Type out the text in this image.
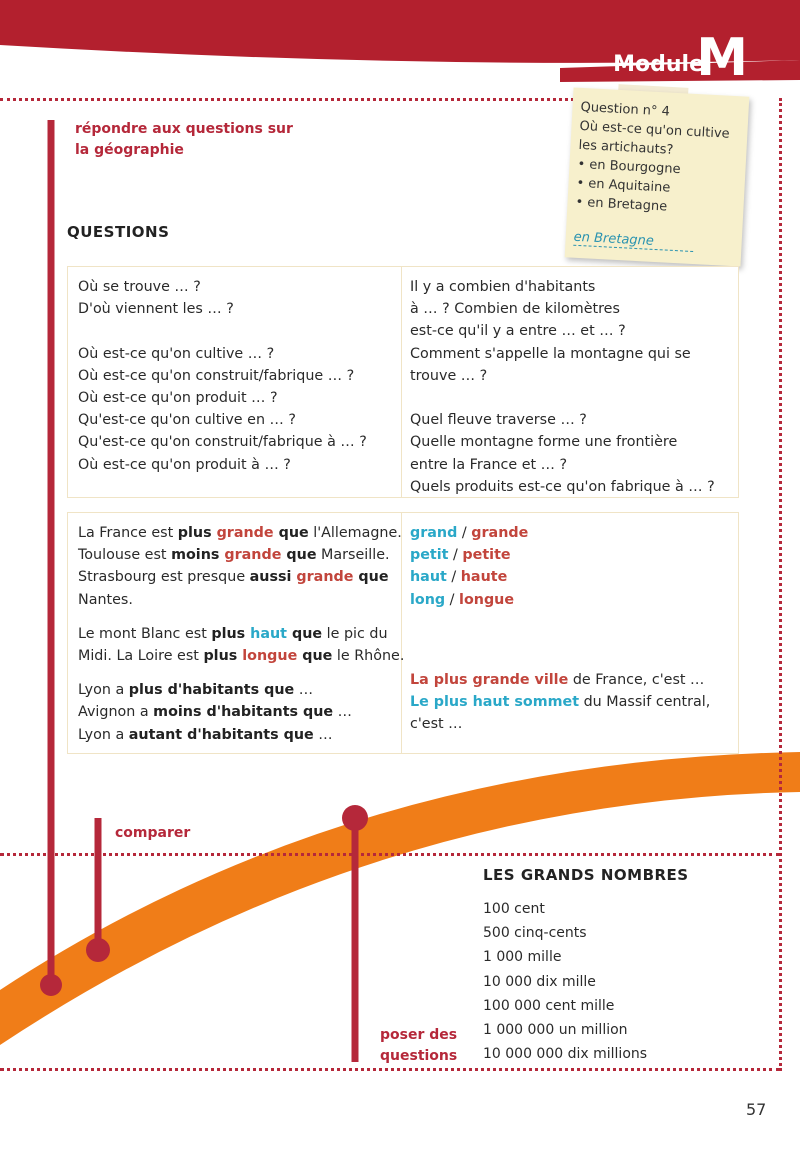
Module
M
répondre aux questions sur
la géographie
comparer
poser des
questions
Question n° 4
Où est-ce qu'on cultive
les artichauts?
• en Bourgogne
• en Aquitaine
• en Bretagne
en Bretagne
QUESTIONS
Où se trouve … ?
D'où viennent les … ?

Où est-ce qu'on cultive … ?
Où est-ce qu'on construit/fabrique … ?
Où est-ce qu'on produit … ?
Qu'est-ce qu'on cultive en … ?
Qu'est-ce qu'on construit/fabrique à … ?
Où est-ce qu'on produit à … ?
Il y a combien d'habitants
à … ? Combien de kilomètres
est-ce qu'il y a entre … et … ?
Comment s'appelle la montagne qui se
trouve … ?

Quel fleuve traverse … ?
Quelle montagne forme une frontière
entre la France et … ?
Quels produits est-ce qu'on fabrique à … ?
La France est plus grande que l'Allemagne.
Toulouse est moins grande que Marseille.
Strasbourg est presque aussi grande que
Nantes.
Le mont Blanc est plus haut que le pic du
Midi. La Loire est plus longue que le Rhône.
Lyon a plus d'habitants que …
Avignon a moins d'habitants que …
Lyon a autant d'habitants que …
grand / grande
petit / petite
haut / haute
long / longue
La plus grande ville de France, c'est …
Le plus haut sommet du Massif central,
c'est …
LES GRANDS NOMBRES
100 cent
500 cinq-cents
1 000 mille
10 000 dix mille
100 000 cent mille
1 000 000 un million
10 000 000 dix millions
57
